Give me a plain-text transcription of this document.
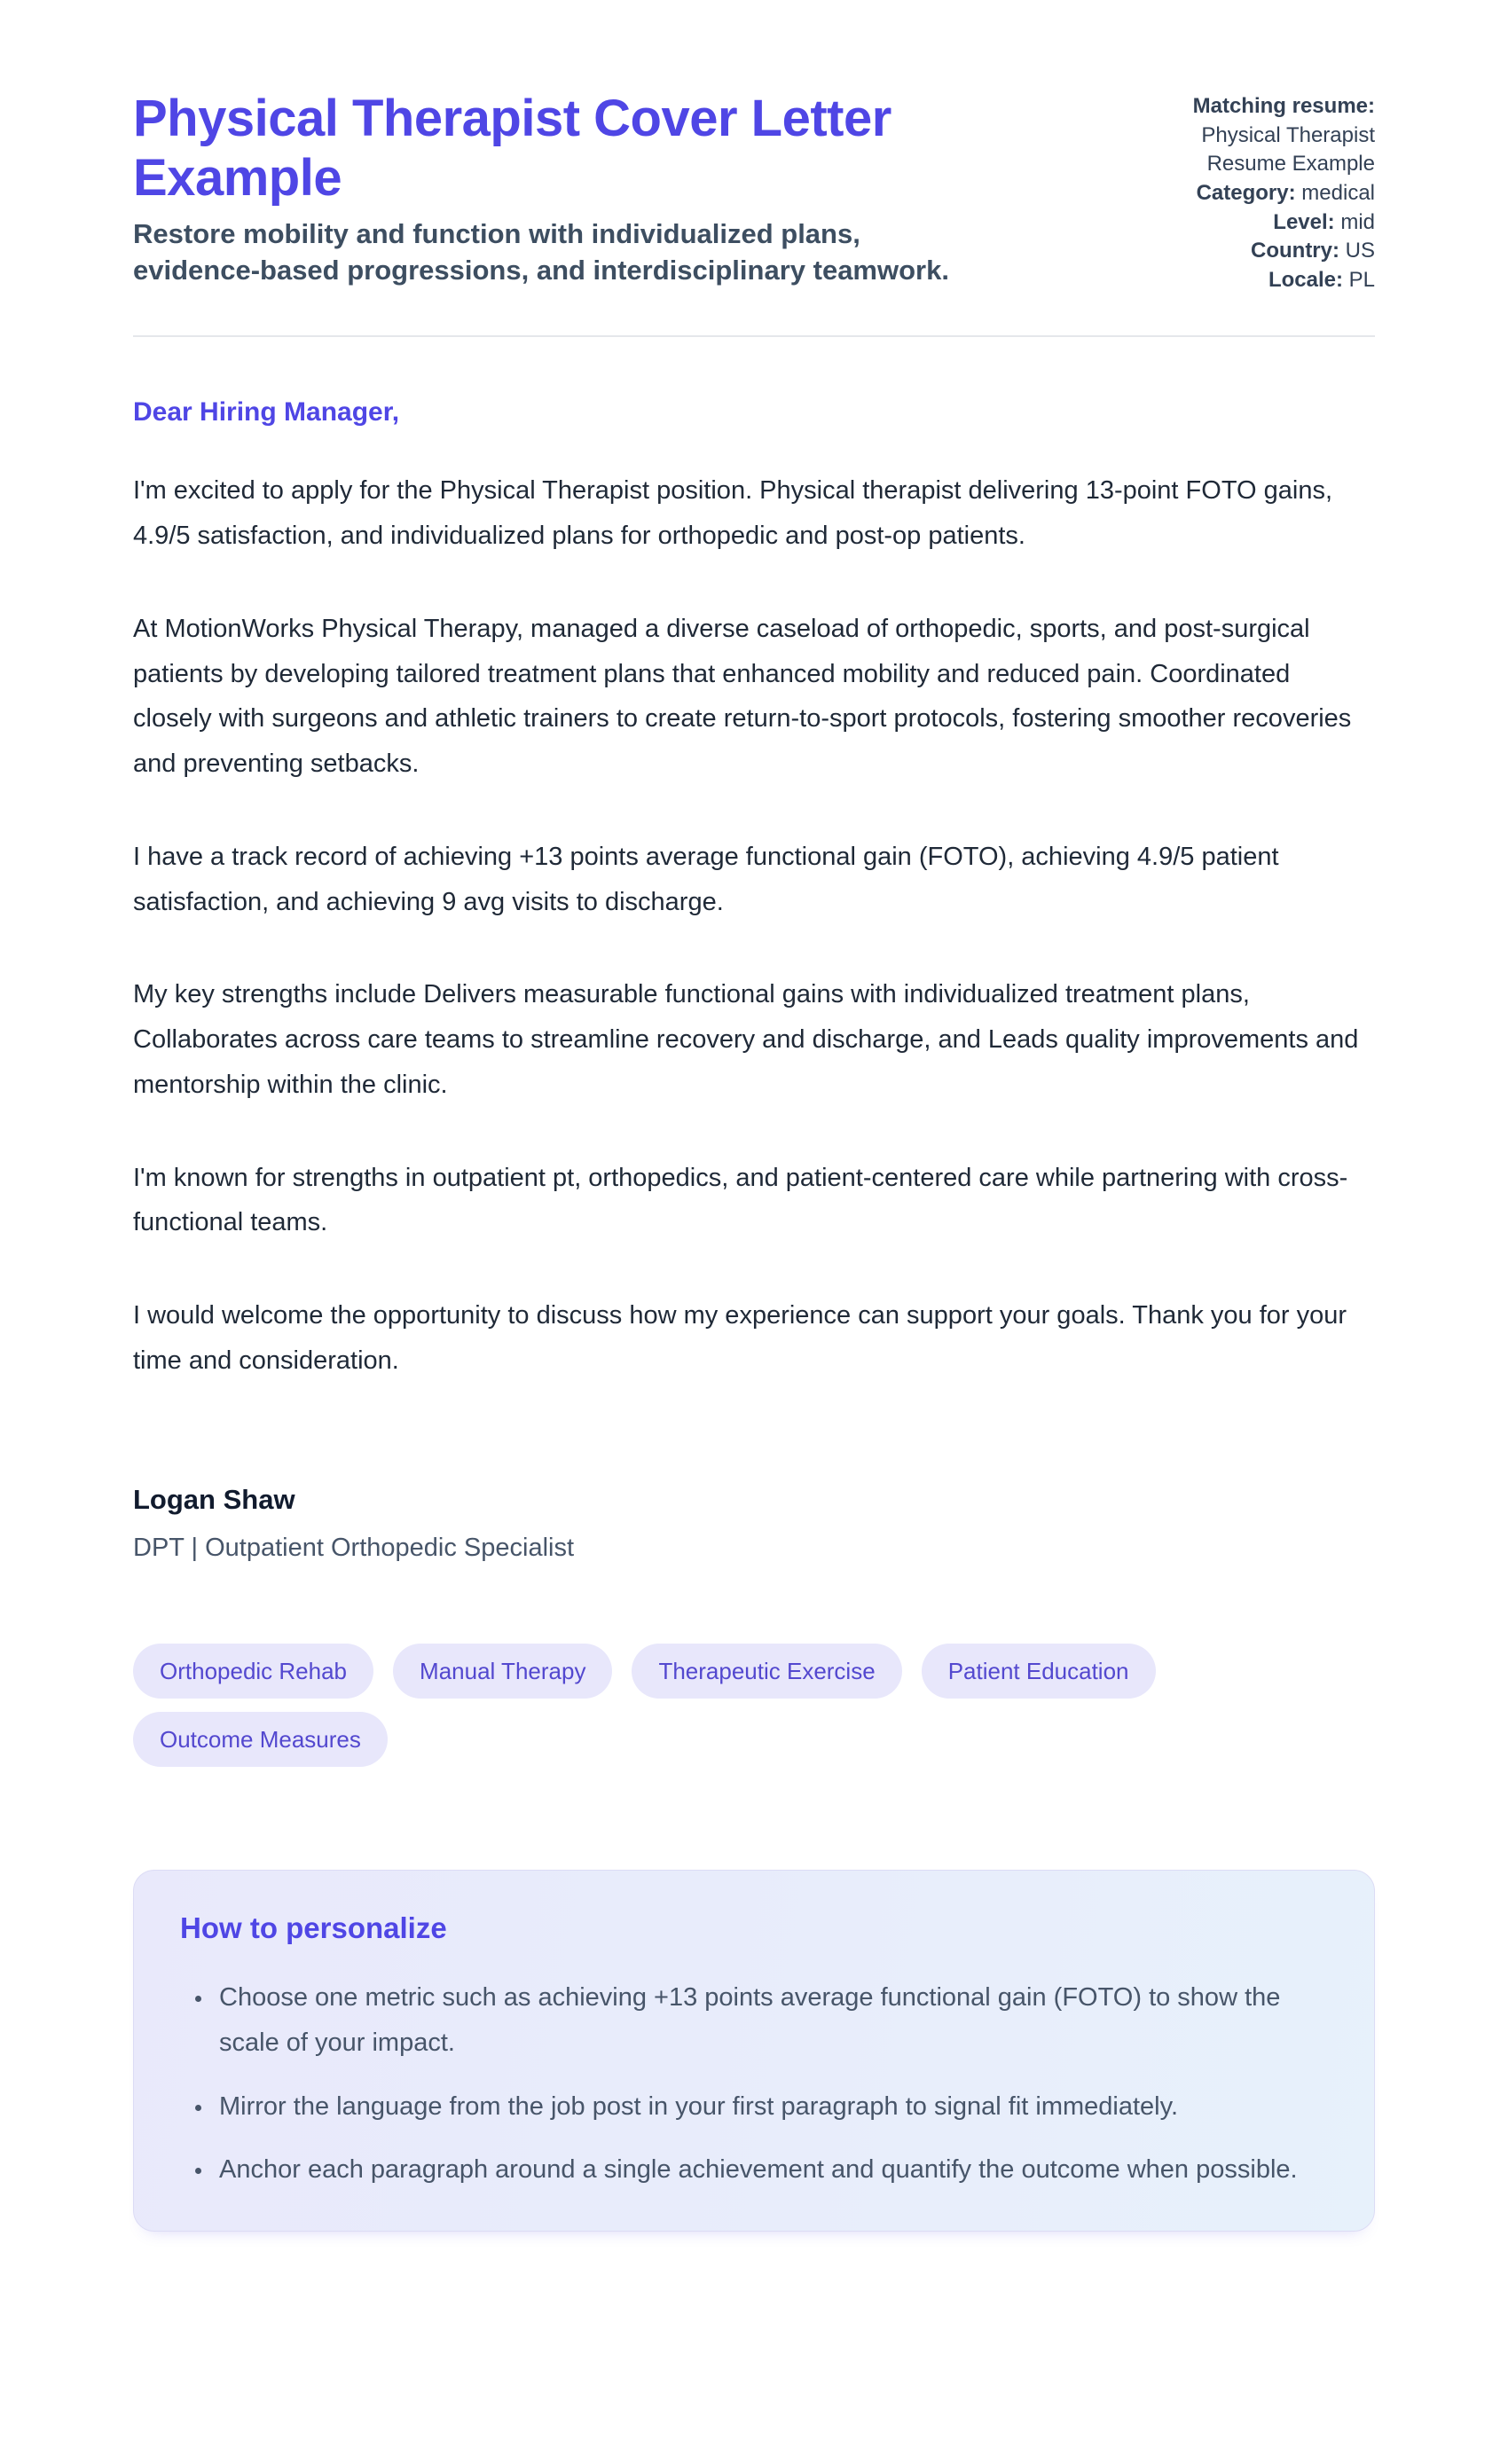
Physical Therapist Cover Letter Example
Restore mobility and function with individualized plans, evidence-based progressions, and interdisciplinary teamwork.
Matching resume:
Physical Therapist Resume Example
Category: medical
Level: mid
Country: US
Locale: PL
Dear Hiring Manager,

I'm excited to apply for the Physical Therapist position. Physical therapist delivering 13-point FOTO gains, 4.9/5 satisfaction, and individualized plans for orthopedic and post-op patients.

At MotionWorks Physical Therapy, managed a diverse caseload of orthopedic, sports, and post-surgical patients by developing tailored treatment plans that enhanced mobility and reduced pain. Coordinated closely with surgeons and athletic trainers to create return-to-sport protocols, fostering smoother recoveries and preventing setbacks.

I have a track record of achieving +13 points average functional gain (FOTO), achieving 4.9/5 patient satisfaction, and achieving 9 avg visits to discharge.

My key strengths include Delivers measurable functional gains with individualized treatment plans, Collaborates across care teams to streamline recovery and discharge, and Leads quality improvements and mentorship within the clinic.

I'm known for strengths in outpatient pt, orthopedics, and patient-centered care while partnering with cross-functional teams.

I would welcome the opportunity to discuss how my experience can support your goals. Thank you for your time and consideration.

Logan Shaw
DPT | Outpatient Orthopedic Specialist
Orthopedic Rehab	Manual Therapy	Therapeutic Exercise	Patient Education
Outcome Measures
How to personalize
• Choose one metric such as achieving +13 points average functional gain (FOTO) to show the scale of your impact.
• Mirror the language from the job post in your first paragraph to signal fit immediately.
• Anchor each paragraph around a single achievement and quantify the outcome when possible.
